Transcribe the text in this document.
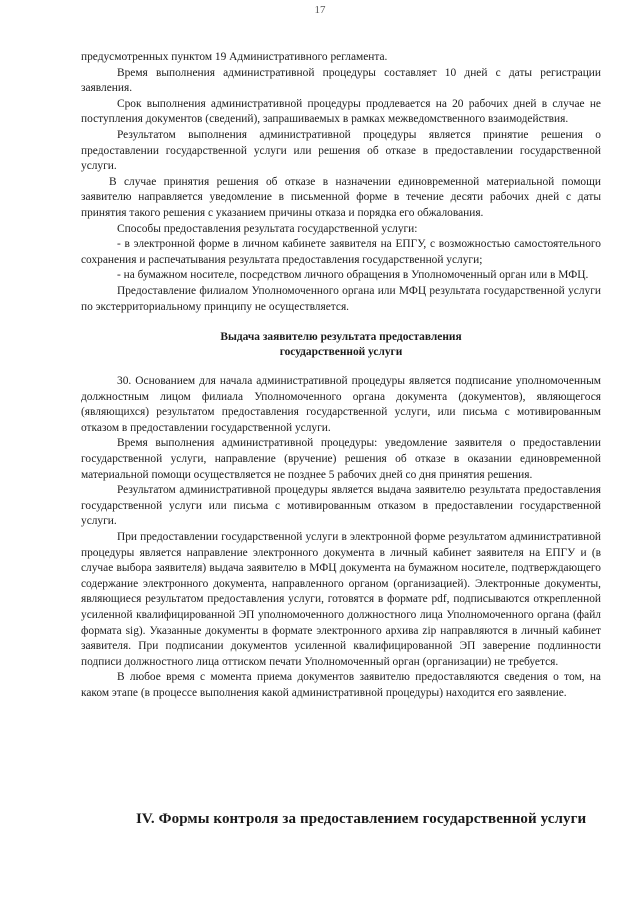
17

предусмотренных пунктом 19 Административного регламента.

Время выполнения административной процедуры составляет 10 дней с даты регистрации заявления.

Срок выполнения административной процедуры продлевается на 20 рабочих дней в случае не поступления документов (сведений), запрашиваемых в рамках межведомственного взаимодействия.

Результатом выполнения административной процедуры является принятие решения о предоставлении государственной услуги или решения об отказе в предоставлении государственной услуги.

В случае принятия решения об отказе в назначении единовременной материальной помощи заявителю направляется уведомление в письменной форме в течение десяти рабочих дней с даты принятия такого решения с указанием причины отказа и порядка его обжалования.

Способы предоставления результата государственной услуги:

- в электронной форме в личном кабинете заявителя на ЕПГУ, с возможностью самостоятельного сохранения и распечатывания результата предоставления государственной услуги;

- на бумажном носителе, посредством личного обращения в Уполномоченный орган или в МФЦ.

Предоставление филиалом Уполномоченного органа или МФЦ результата государственной услуги по экстерриториальному принципу не осуществляется.

Выдача заявителю результата предоставления
государственной услуги

30. Основанием для начала административной процедуры является подписание уполномоченным должностным лицом филиала Уполномоченного органа документа (документов), являющегося (являющихся) результатом предоставления государственной услуги, или письма с мотивированным отказом в предоставлении государственной услуги.

Время выполнения административной процедуры: уведомление заявителя о предоставлении государственной услуги, направление (вручение) решения об отказе в оказании единовременной материальной помощи осуществляется не позднее 5 рабочих дней со дня принятия решения.

Результатом административной процедуры является выдача заявителю результата предоставления государственной услуги или письма с мотивированным отказом в предоставлении государственной услуги.

При предоставлении государственной услуги в электронной форме результатом административной процедуры является направление электронного документа в личный кабинет заявителя на ЕПГУ и (в случае выбора заявителя) выдача заявителю в МФЦ документа на бумажном носителе, подтверждающего содержание электронного документа, направленного органом (организацией). Электронные документы, являющиеся результатом предоставления услуги, готовятся в формате pdf, подписываются открепленной усиленной квалифицированной ЭП уполномоченного должностного лица Уполномоченного органа (файл формата sig). Указанные документы в формате электронного архива zip направляются в личный кабинет заявителя. При подписании документов усиленной квалифицированной ЭП заверение подлинности подписи должностного лица оттиском печати Уполномоченный орган (организации) не требуется.

В любое время с момента приема документов заявителю предоставляются сведения о том, на каком этапе (в процессе выполнения какой административной процедуры) находится его заявление.

IV. Формы контроля за предоставлением государственной услуги
